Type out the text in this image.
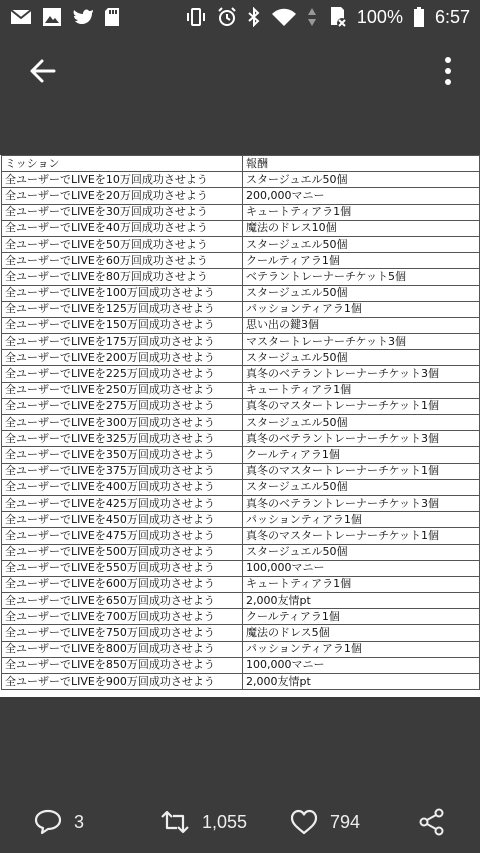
100% 6:57
ミッション	報酬
全ユーザーでLIVEを10万回成功させよう	スタージュエル50個
全ユーザーでLIVEを20万回成功させよう	200,000マニー
全ユーザーでLIVEを30万回成功させよう	キュートティアラ1個
全ユーザーでLIVEを40万回成功させよう	魔法のドレス10個
全ユーザーでLIVEを50万回成功させよう	スタージュエル50個
全ユーザーでLIVEを60万回成功させよう	クールティアラ1個
全ユーザーでLIVEを80万回成功させよう	ベテラントレーナーチケット5個
全ユーザーでLIVEを100万回成功させよう	スタージュエル50個
全ユーザーでLIVEを125万回成功させよう	パッションティアラ1個
全ユーザーでLIVEを150万回成功させよう	思い出の鍵3個
全ユーザーでLIVEを175万回成功させよう	マスタートレーナーチケット3個
全ユーザーでLIVEを200万回成功させよう	スタージュエル50個
全ユーザーでLIVEを225万回成功させよう	真冬のベテラントレーナーチケット3個
全ユーザーでLIVEを250万回成功させよう	キュートティアラ1個
全ユーザーでLIVEを275万回成功させよう	真冬のマスタートレーナーチケット1個
全ユーザーでLIVEを300万回成功させよう	スタージュエル50個
全ユーザーでLIVEを325万回成功させよう	真冬のベテラントレーナーチケット3個
全ユーザーでLIVEを350万回成功させよう	クールティアラ1個
全ユーザーでLIVEを375万回成功させよう	真冬のマスタートレーナーチケット1個
全ユーザーでLIVEを400万回成功させよう	スタージュエル50個
全ユーザーでLIVEを425万回成功させよう	真冬のベテラントレーナーチケット3個
全ユーザーでLIVEを450万回成功させよう	パッションティアラ1個
全ユーザーでLIVEを475万回成功させよう	真冬のマスタートレーナーチケット1個
全ユーザーでLIVEを500万回成功させよう	スタージュエル50個
全ユーザーでLIVEを550万回成功させよう	100,000マニー
全ユーザーでLIVEを600万回成功させよう	キュートティアラ1個
全ユーザーでLIVEを650万回成功させよう	2,000友情pt
全ユーザーでLIVEを700万回成功させよう	クールティアラ1個
全ユーザーでLIVEを750万回成功させよう	魔法のドレス5個
全ユーザーでLIVEを800万回成功させよう	パッションティアラ1個
全ユーザーでLIVEを850万回成功させよう	100,000マニー
全ユーザーでLIVEを900万回成功させよう	2,000友情pt
3	1,055	794
